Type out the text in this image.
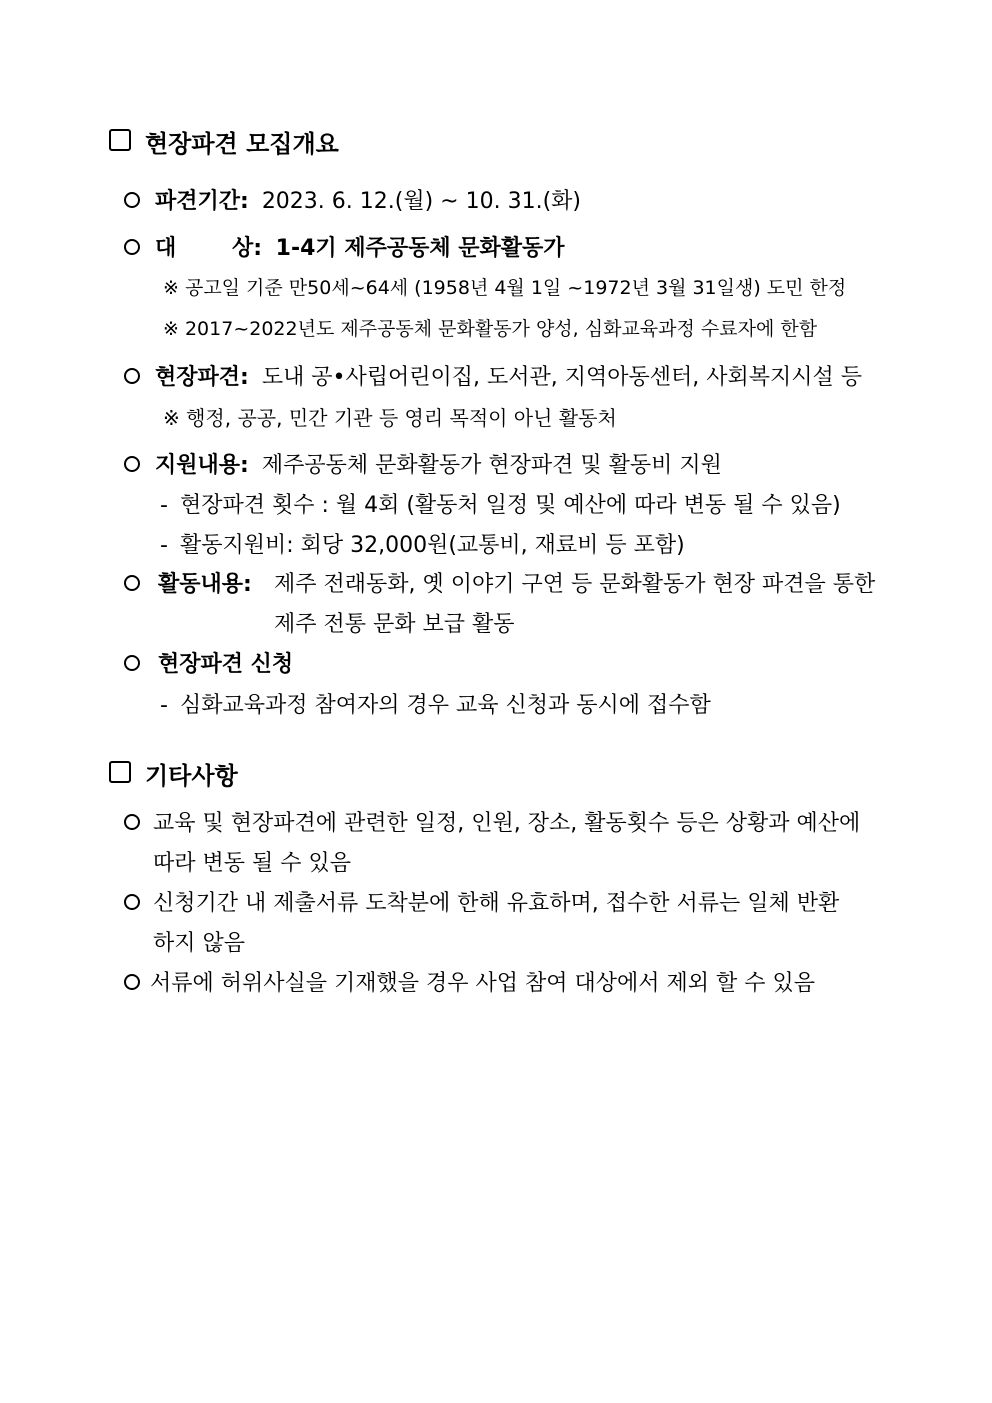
현장파견 모집개요
파견기간: 2023. 6. 12.(월) ~ 10. 31.(화)
대	상: 1-4기 제주공동체 문화활동가
※ 공고일 기준 만50세~64세 (1958년 4월 1일 ~1972년 3월 31일생) 도민 한정
※ 2017~2022년도 제주공동체 문화활동가 양성, 심화교육과정 수료자에 한함
현장파견: 도내 공•사립어린이집, 도서관, 지역아동센터, 사회복지시설 등
※ 행정, 공공, 민간 기관 등 영리 목적이 아닌 활동처
지원내용: 제주공동체 문화활동가 현장파견 및 활동비 지원
- 현장파견 횟수 : 월 4회 (활동처 일정 및 예산에 따라 변동 될 수 있음)
- 활동지원비: 회당 32,000원(교통비, 재료비 등 포함)
활동내용: 제주 전래동화, 옛 이야기 구연 등 문화활동가 현장 파견을 통한
제주 전통 문화 보급 활동
현장파견 신청
- 심화교육과정 참여자의 경우 교육 신청과 동시에 접수함
기타사항
교육 및 현장파견에 관련한 일정, 인원, 장소, 활동횟수 등은 상황과 예산에
따라 변동 될 수 있음
신청기간 내 제출서류 도착분에 한해 유효하며, 접수한 서류는 일체 반환
하지 않음
서류에 허위사실을 기재했을 경우 사업 참여 대상에서 제외 할 수 있음
